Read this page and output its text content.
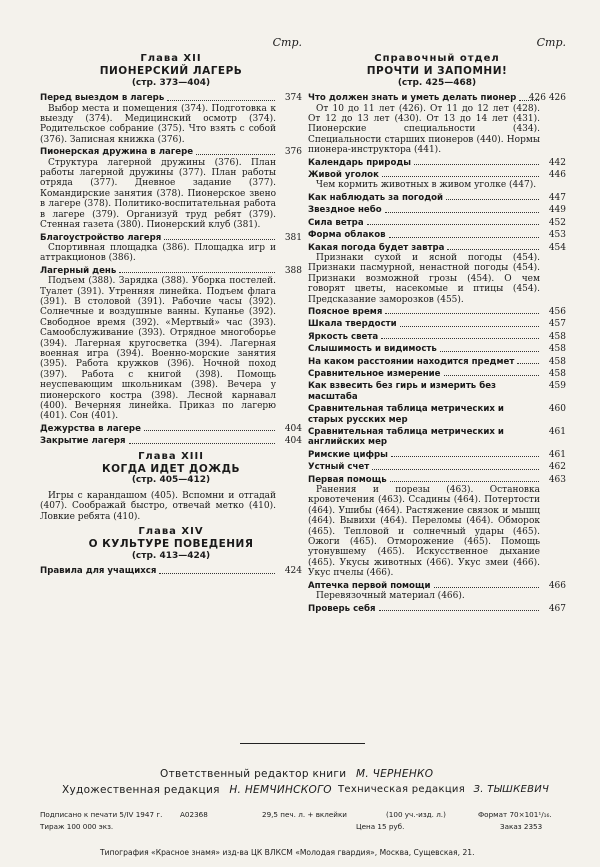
Стр.
Глава XII
ПИОНЕРСКИЙ ЛАГЕРЬ
(стр. 373—404)
Перед выездом в лагерь	374
Выбор места и помещения (374). Подготовка к выезду (374). Медицинский осмотр (374). Родительское собрание (375). Что взять с собой (376). Записная книжка (376).
Пионерская дружина в лагере	376
Структура лагерной дружины (376). План работы лагерной дружины (377). План работы отряда (377). Дневное задание (377). Командирские занятия (378). Пионерское звено в лагере (378). Политико-воспитательная работа в лагере (379). Организуй труд ребят (379). Стенная газета (380). Пионерский клуб (381).
Благоустройство лагеря	381
Спортивная площадка (386). Площадка игр и аттракционов (386).
Лагерный день	388
Подъем (388). Зарядка (388). Уборка постелей. Туалет (391). Утренняя линейка. Подъем флага (391). В столовой (391). Рабочие часы (392). Солнечные и воздушные ванны. Купанье (392). Свободное время (392). «Мертвый» час (393). Самообслуживание (393). Отрядное многоборье (394). Лагерная кругосветка (394). Лагерная военная игра (394). Военно-морские занятия (395). Работа кружков (396). Ночной поход (397). Работа с книгой (398). Помощь неуспевающим школьникам (398). Вечера у пионерского костра (398). Лесной карнавал (400). Вечерняя линейка. Приказ по лагерю (401). Сон (401).
Дежурства в лагере	404
Закрытие лагеря	404
Глава XIII
КОГДА ИДЕТ ДОЖДЬ
(стр. 405—412)
Игры с карандашом (405). Вспомни и отгадай (407). Соображай быстро, отвечай метко (410). Ловкие ребята (410).
Глава XIV
О КУЛЬТУРЕ ПОВЕДЕНИЯ
(стр. 413—424)
Правила для учащихся	424
Стр.
Справочный отдел
ПРОЧТИ И ЗАПОМНИ!
(стр. 425—468)
Что должен знать и уметь делать пионер 426 426
От 10 до 11 лет (426). От 11 до 12 лет (428). От 12 до 13 лет (430). От 13 до 14 лет (431). Пионерские специальности (434). Специальности старших пионеров (440). Нормы пионера-инструктора (441).
Календарь природы	442
Живой уголок	446
Чем кормить животных в живом уголке (447).
Как наблюдать за погодой	447
Звездное небо	449
Сила ветра	452
Форма облаков	453
Какая погода будет завтра	454
Признаки сухой и ясной погоды (454). Признаки пасмурной, ненастной погоды (454). Признаки возможной грозы (454). О чем говорят цветы, насекомые и птицы (454). Предсказание заморозков (455).
Поясное время	456
Шкала твердости	457
Яркость света	458
Слышимость и видимость	458
На каком расстоянии находится предмет	458
Сравнительное измерение	458
Как взвесить без гирь и измерить без масштаба
459
Сравнительная таблица метрических и старых русских мер
460
Сравнительная таблица метрических и английских мер
461
Римские цифры	461
Устный счет	462
Первая помощь	463
Ранения и порезы (463). Остановка кровотечения (463). Ссадины (464). Потертости (464). Ушибы (464). Растяжение связок и мышц (464). Вывихи (464). Переломы (464). Обморок (465). Тепловой и солнечный удары (465). Ожоги (465). Отморожение (465). Помощь утонувшему (465). Искусственное дыхание (465). Укусы животных (466). Укус змеи (466). Укус пчелы (466).
Аптечка первой помощи	466
Перевязочный материал (466).
Проверь себя	467
Ответственный редактор книги М. ЧЕРНЕНКО
Художественная редакция Н. НЕМЧИНСКОГО Техническая редакция З. ТЫШКЕВИЧ
Подписано к печати 5/IV 1947 г. А02368	29,5 печ. л. + вклейки	(100 уч.-изд. л.)	Формат 70×101¹/₁₆.
Тираж 100 000 экз.	Цена 15 руб.	Заказ 2353
Типография «Красное знамя» изд-ва ЦК ВЛКСМ «Молодая гвардия», Москва, Сущевская, 21.
